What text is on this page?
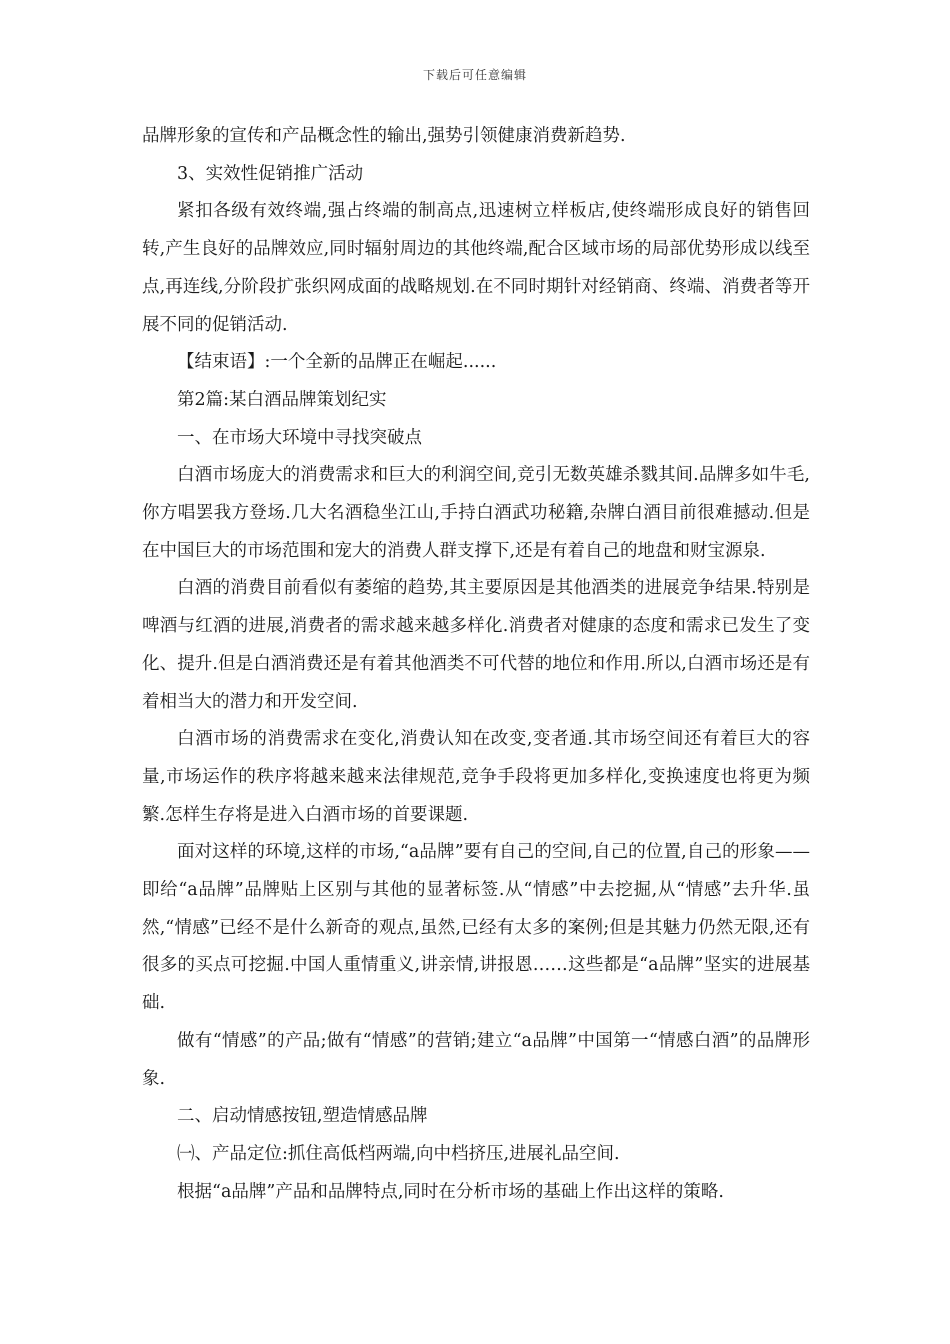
下载后可任意编辑

品牌形象的宣传和产品概念性的输出,强势引领健康消费新趋势.

3、实效性促销推广活动

紧扣各级有效终端,强占终端的制高点,迅速树立样板店,使终端形成良好的销售回转,产生良好的品牌效应,同时辐射周边的其他终端,配合区域市场的局部优势形成以线至点,再连线,分阶段扩张织网成面的战略规划.在不同时期针对经销商、终端、消费者等开展不同的促销活动.

【结束语】:一个全新的品牌正在崛起......

第2篇:某白酒品牌策划纪实

一、在市场大环境中寻找突破点

白酒市场庞大的消费需求和巨大的利润空间,竞引无数英雄杀戮其间.品牌多如牛毛,你方唱罢我方登场.几大名酒稳坐江山,手持白酒武功秘籍,杂牌白酒目前很难撼动.但是在中国巨大的市场范围和宠大的消费人群支撑下,还是有着自己的地盘和财宝源泉.

白酒的消费目前看似有萎缩的趋势,其主要原因是其他酒类的进展竞争结果.特别是啤酒与红酒的进展,消费者的需求越来越多样化.消费者对健康的态度和需求已发生了变化、提升.但是白酒消费还是有着其他酒类不可代替的地位和作用.所以,白酒市场还是有着相当大的潜力和开发空间.

白酒市场的消费需求在变化,消费认知在改变,变者通.其市场空间还有着巨大的容量,市场运作的秩序将越来越来法律规范,竞争手段将更加多样化,变换速度也将更为频繁.怎样生存将是进入白酒市场的首要课题.

面对这样的环境,这样的市场,“a品牌”要有自己的空间,自己的位置,自己的形象——即给“a品牌”品牌贴上区别与其他的显著标签.从“情感”中去挖掘,从“情感”去升华.虽然,“情感”已经不是什么新奇的观点,虽然,已经有太多的案例;但是其魅力仍然无限,还有很多的买点可挖掘.中国人重情重义,讲亲情,讲报恩……这些都是“a品牌”坚实的进展基础.

做有“情感”的产品;做有“情感”的营销;建立“a品牌”中国第一“情感白酒”的品牌形象.

二、启动情感按钮,塑造情感品牌

㈠、产品定位:抓住高低档两端,向中档挤压,进展礼品空间.

根据“a品牌”产品和品牌特点,同时在分析市场的基础上作出这样的策略.
